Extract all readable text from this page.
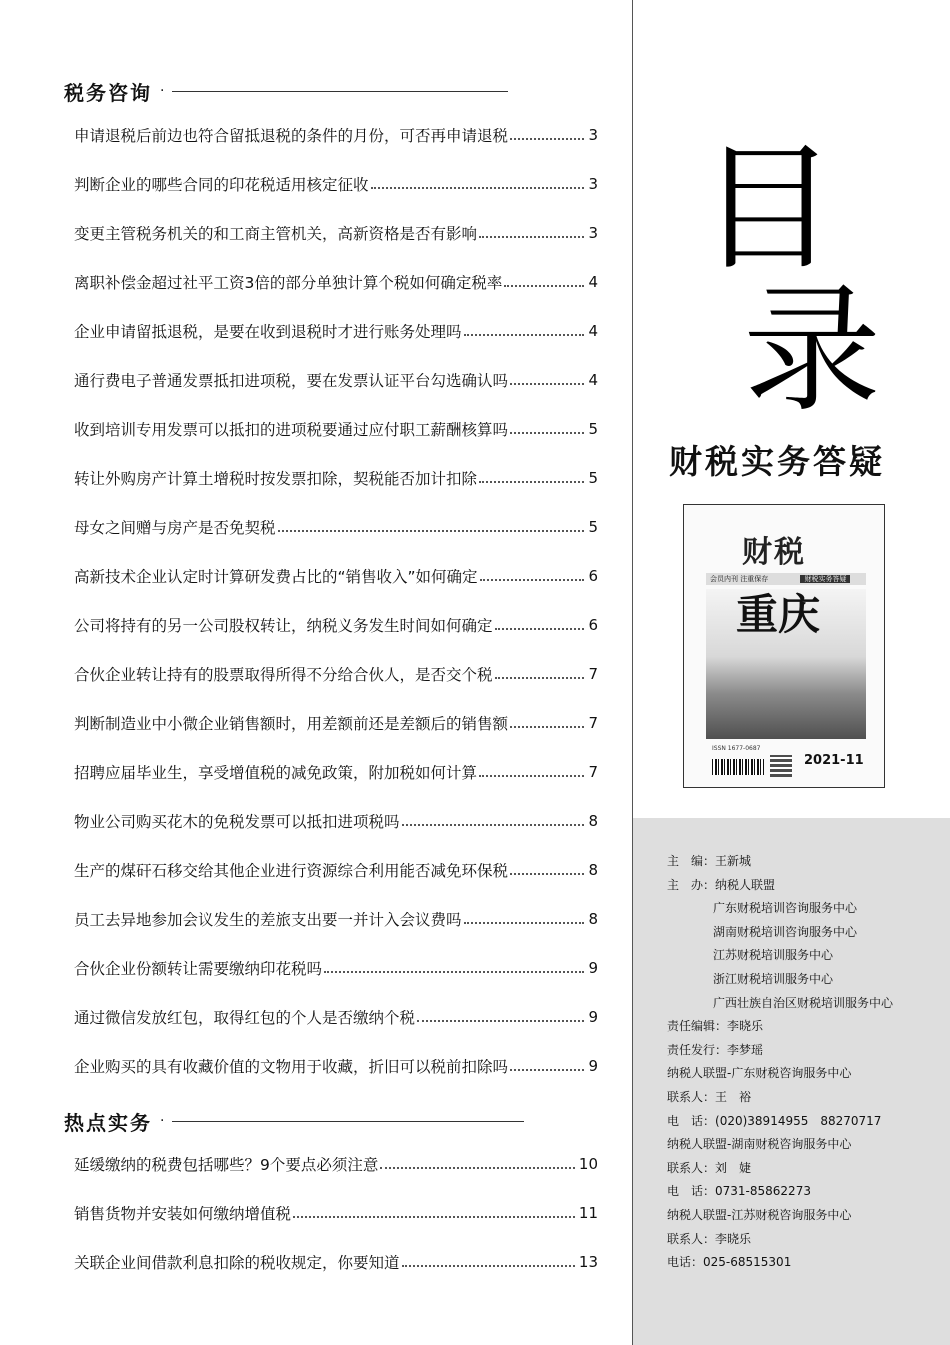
税务咨询 ·
申请退税后前边也符合留抵退税的条件的月份，可否再申请退税	3
判断企业的哪些合同的印花税适用核定征收	3
变更主管税务机关的和工商主管机关，高新资格是否有影响	3
离职补偿金超过社平工资3倍的部分单独计算个税如何确定税率	4
企业申请留抵退税，是要在收到退税时才进行账务处理吗	4
通行费电子普通发票抵扣进项税，要在发票认证平台勾选确认吗	4
收到培训专用发票可以抵扣的进项税要通过应付职工薪酬核算吗	5
转让外购房产计算土增税时按发票扣除，契税能否加计扣除	5
母女之间赠与房产是否免契税	5
高新技术企业认定时计算研发费占比的“销售收入”如何确定	6
公司将持有的另一公司股权转让，纳税义务发生时间如何确定	6
合伙企业转让持有的股票取得所得不分给合伙人，是否交个税	7
判断制造业中小微企业销售额时，用差额前还是差额后的销售额	7
招聘应届毕业生，享受增值税的减免政策，附加税如何计算	7
物业公司购买花木的免税发票可以抵扣进项税吗	8
生产的煤矸石移交给其他企业进行资源综合利用能否减免环保税	8
员工去异地参加会议发生的差旅支出要一并计入会议费吗	8
合伙企业份额转让需要缴纳印花税吗	9
通过微信发放红包，取得红包的个人是否缴纳个税	9
企业购买的具有收藏价值的文物用于收藏，折旧可以税前扣除吗	9
热点实务 ·
延缓缴纳的税费包括哪些？9个要点必须注意	10
销售货物并安装如何缴纳增值税	11
关联企业间借款利息扣除的税收规定，你要知道	13
目
录
财税实务答疑
财税
会员内刊 注重保存	财税实务答疑
重庆
ISSN 1677-0687
2021-11
主　编：王新城
主　办：纳税人联盟
广东财税培训咨询服务中心
湖南财税培训咨询服务中心
江苏财税培训服务中心
浙江财税培训服务中心
广西壮族自治区财税培训服务中心
责任编辑：李晓乐
责任发行：李梦瑶
纳税人联盟-广东财税咨询服务中心
联系人：王　裕
电　话：(020)38914955　88270717
纳税人联盟-湖南财税咨询服务中心
联系人：刘　婕
电　话：0731-85862273
纳税人联盟-江苏财税咨询服务中心
联系人：李晓乐
电话：025-68515301
